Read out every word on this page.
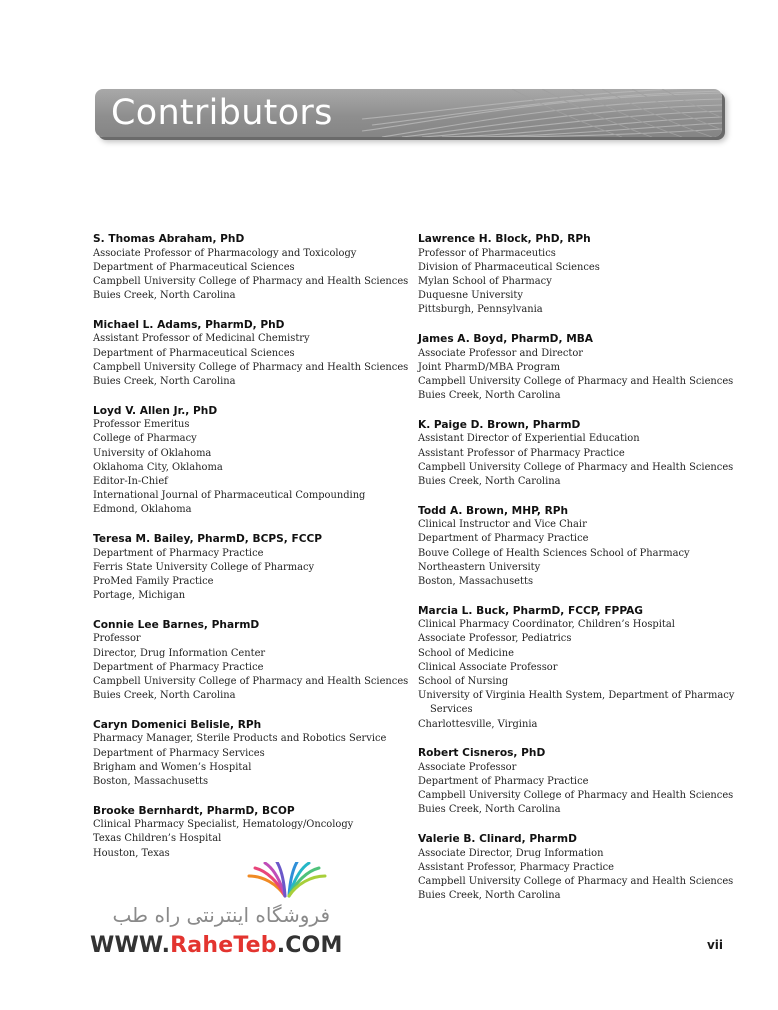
Contributors
S. Thomas Abraham, PhD
Associate Professor of Pharmacology and Toxicology
Department of Pharmaceutical Sciences
Campbell University College of Pharmacy and Health Sciences
Buies Creek, North Carolina
Michael L. Adams, PharmD, PhD
Assistant Professor of Medicinal Chemistry
Department of Pharmaceutical Sciences
Campbell University College of Pharmacy and Health Sciences
Buies Creek, North Carolina
Loyd V. Allen Jr., PhD
Professor Emeritus
College of Pharmacy
University of Oklahoma
Oklahoma City, Oklahoma
Editor-In-Chief
International Journal of Pharmaceutical Compounding
Edmond, Oklahoma
Teresa M. Bailey, PharmD, BCPS, FCCP
Department of Pharmacy Practice
Ferris State University College of Pharmacy
ProMed Family Practice
Portage, Michigan
Connie Lee Barnes, PharmD
Professor
Director, Drug Information Center
Department of Pharmacy Practice
Campbell University College of Pharmacy and Health Sciences
Buies Creek, North Carolina
Caryn Domenici Belisle, RPh
Pharmacy Manager, Sterile Products and Robotics Service
Department of Pharmacy Services
Brigham and Women’s Hospital
Boston, Massachusetts
Brooke Bernhardt, PharmD, BCOP
Clinical Pharmacy Specialist, Hematology/Oncology
Texas Children’s Hospital
Houston, Texas
Lawrence H. Block, PhD, RPh
Professor of Pharmaceutics
Division of Pharmaceutical Sciences
Mylan School of Pharmacy
Duquesne University
Pittsburgh, Pennsylvania
James A. Boyd, PharmD, MBA
Associate Professor and Director
Joint PharmD/MBA Program
Campbell University College of Pharmacy and Health Sciences
Buies Creek, North Carolina
K. Paige D. Brown, PharmD
Assistant Director of Experiential Education
Assistant Professor of Pharmacy Practice
Campbell University College of Pharmacy and Health Sciences
Buies Creek, North Carolina
Todd A. Brown, MHP, RPh
Clinical Instructor and Vice Chair
Department of Pharmacy Practice
Bouve College of Health Sciences School of Pharmacy
Northeastern University
Boston, Massachusetts
Marcia L. Buck, PharmD, FCCP, FPPAG
Clinical Pharmacy Coordinator, Children’s Hospital
Associate Professor, Pediatrics
School of Medicine
Clinical Associate Professor
School of Nursing
University of Virginia Health System, Department of Pharmacy
Services
Charlottesville, Virginia
Robert Cisneros, PhD
Associate Professor
Department of Pharmacy Practice
Campbell University College of Pharmacy and Health Sciences
Buies Creek, North Carolina
Valerie B. Clinard, PharmD
Associate Director, Drug Information
Assistant Professor, Pharmacy Practice
Campbell University College of Pharmacy and Health Sciences
Buies Creek, North Carolina
فروشگاه اینترنتی راه طب
WWW.RaheTeb.COM	vii
